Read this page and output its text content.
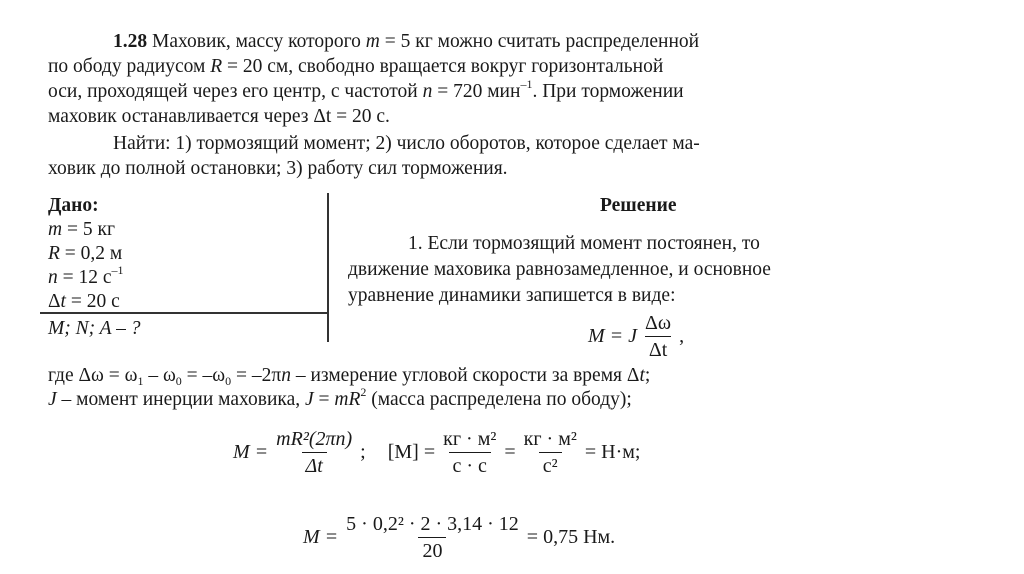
1.28 Маховик, массу которого m = 5 кг можно считать распределенной
по ободу радиусом R = 20 см, свободно вращается вокруг горизонтальной
оси, проходящей через его центр, с частотой n = 720 мин$^{-1}$. При торможении
маховик останавливается через Δt = 20 с.
Найти: 1) тормозящий момент; 2) число оборотов, которое сделает ма-
ховик до полной остановки; 3) работу сил торможения.
Дано:
m = 5 кг
R = 0,2 м
n = 12 $с^{-1}$
Δt = 20 с
M; N; A – ?
Решение
1. Если тормозящий момент постоянен, то
движение маховика равнозамедленное, и основное
уравнение динамики запишется в виде:
M = J $\frac{\Delta\omega}{\Delta t}$ ,
где $\Delta\omega = \omega_1 - \omega_0 = -\omega_0 = -2\pi n$ – измерение угловой скорости за время Δt;
J – момент инерции маховика, $J = mR^2$ (масса распределена по ободу);
$M = \frac{\text{mR²(2πn)}}{\Delta t}$ ; $[M] = \frac{\text{кг · м²}}{с \cdot с} = \frac{\text{кг · м²}}{\text{с²}} = Н\cdot м$;
$M = \frac{\text{5 · 0,2² · 2 · 3,14 · 12}}{20} = 0,75$ Нм.
